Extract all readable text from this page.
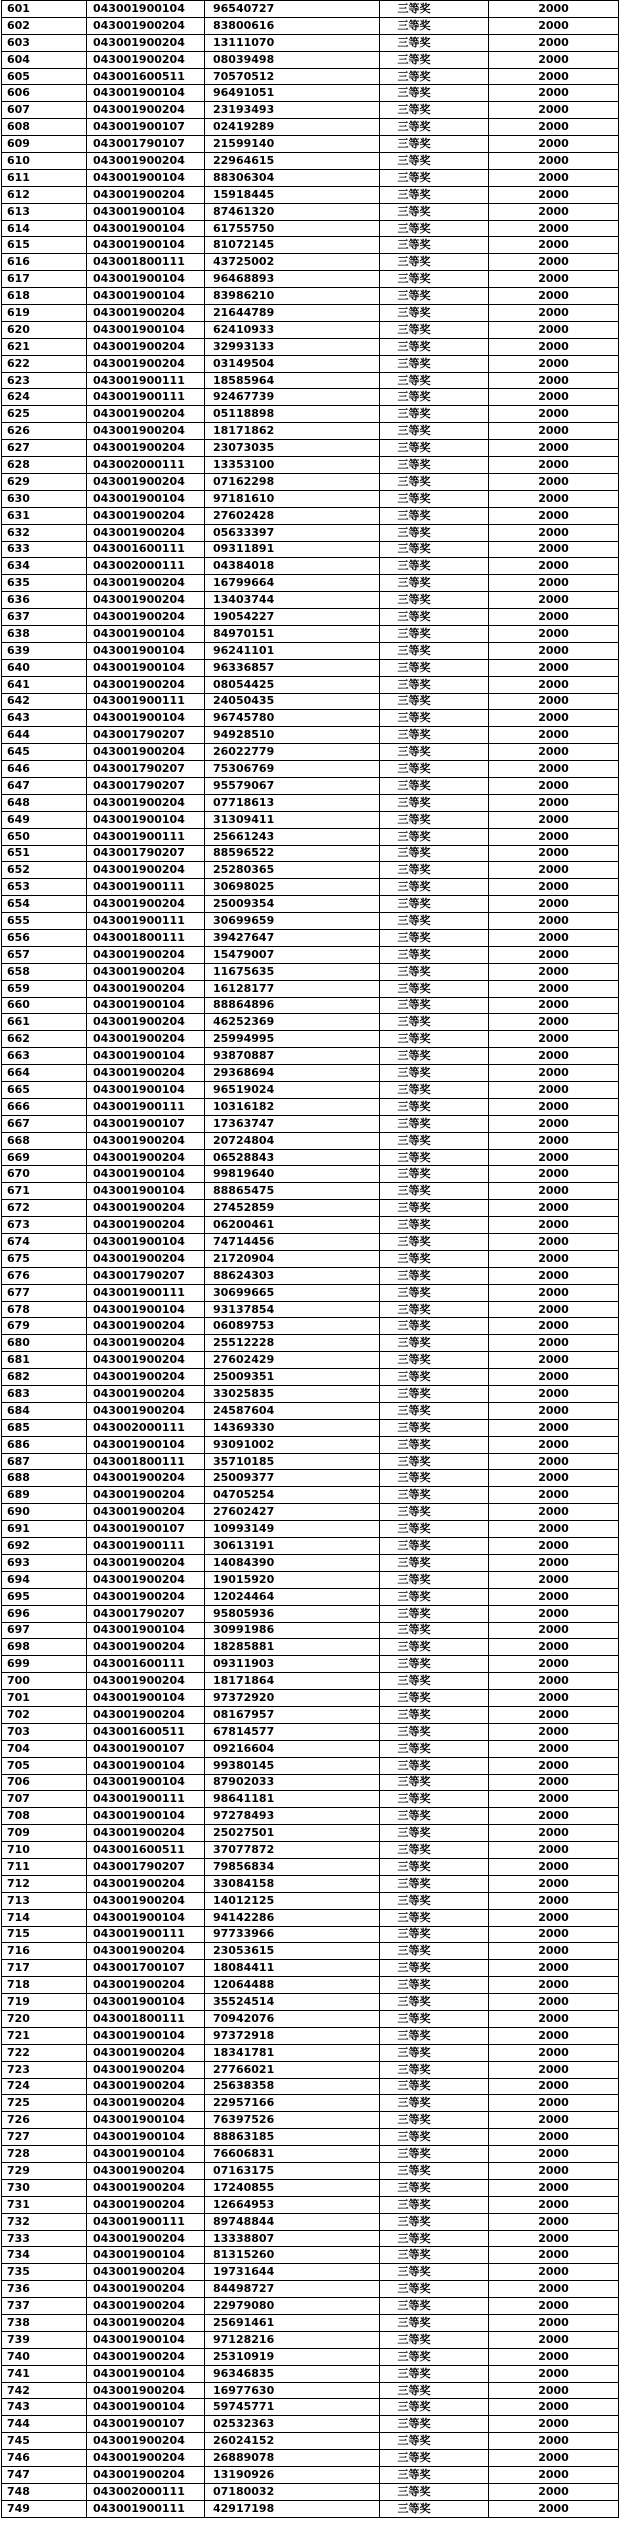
601	043001900104	96540727	三等奖	2000
602	043001900204	83800616	三等奖	2000
603	043001900204	13111070	三等奖	2000
604	043001900204	08039498	三等奖	2000
605	043001600511	70570512	三等奖	2000
606	043001900104	96491051	三等奖	2000
607	043001900204	23193493	三等奖	2000
608	043001900107	02419289	三等奖	2000
609	043001790107	21599140	三等奖	2000
610	043001900204	22964615	三等奖	2000
611	043001900104	88306304	三等奖	2000
612	043001900204	15918445	三等奖	2000
613	043001900104	87461320	三等奖	2000
614	043001900104	61755750	三等奖	2000
615	043001900104	81072145	三等奖	2000
616	043001800111	43725002	三等奖	2000
617	043001900104	96468893	三等奖	2000
618	043001900104	83986210	三等奖	2000
619	043001900204	21644789	三等奖	2000
620	043001900104	62410933	三等奖	2000
621	043001900204	32993133	三等奖	2000
622	043001900204	03149504	三等奖	2000
623	043001900111	18585964	三等奖	2000
624	043001900111	92467739	三等奖	2000
625	043001900204	05118898	三等奖	2000
626	043001900204	18171862	三等奖	2000
627	043001900204	23073035	三等奖	2000
628	043002000111	13353100	三等奖	2000
629	043001900204	07162298	三等奖	2000
630	043001900104	97181610	三等奖	2000
631	043001900204	27602428	三等奖	2000
632	043001900204	05633397	三等奖	2000
633	043001600111	09311891	三等奖	2000
634	043002000111	04384018	三等奖	2000
635	043001900204	16799664	三等奖	2000
636	043001900204	13403744	三等奖	2000
637	043001900204	19054227	三等奖	2000
638	043001900104	84970151	三等奖	2000
639	043001900104	96241101	三等奖	2000
640	043001900104	96336857	三等奖	2000
641	043001900204	08054425	三等奖	2000
642	043001900111	24050435	三等奖	2000
643	043001900104	96745780	三等奖	2000
644	043001790207	94928510	三等奖	2000
645	043001900204	26022779	三等奖	2000
646	043001790207	75306769	三等奖	2000
647	043001790207	95579067	三等奖	2000
648	043001900204	07718613	三等奖	2000
649	043001900104	31309411	三等奖	2000
650	043001900111	25661243	三等奖	2000
651	043001790207	88596522	三等奖	2000
652	043001900204	25280365	三等奖	2000
653	043001900111	30698025	三等奖	2000
654	043001900204	25009354	三等奖	2000
655	043001900111	30699659	三等奖	2000
656	043001800111	39427647	三等奖	2000
657	043001900204	15479007	三等奖	2000
658	043001900204	11675635	三等奖	2000
659	043001900204	16128177	三等奖	2000
660	043001900104	88864896	三等奖	2000
661	043001900204	46252369	三等奖	2000
662	043001900204	25994995	三等奖	2000
663	043001900104	93870887	三等奖	2000
664	043001900204	29368694	三等奖	2000
665	043001900104	96519024	三等奖	2000
666	043001900111	10316182	三等奖	2000
667	043001900107	17363747	三等奖	2000
668	043001900204	20724804	三等奖	2000
669	043001900204	06528843	三等奖	2000
670	043001900104	99819640	三等奖	2000
671	043001900104	88865475	三等奖	2000
672	043001900204	27452859	三等奖	2000
673	043001900204	06200461	三等奖	2000
674	043001900104	74714456	三等奖	2000
675	043001900204	21720904	三等奖	2000
676	043001790207	88624303	三等奖	2000
677	043001900111	30699665	三等奖	2000
678	043001900104	93137854	三等奖	2000
679	043001900204	06089753	三等奖	2000
680	043001900204	25512228	三等奖	2000
681	043001900204	27602429	三等奖	2000
682	043001900204	25009351	三等奖	2000
683	043001900204	33025835	三等奖	2000
684	043001900204	24587604	三等奖	2000
685	043002000111	14369330	三等奖	2000
686	043001900104	93091002	三等奖	2000
687	043001800111	35710185	三等奖	2000
688	043001900204	25009377	三等奖	2000
689	043001900204	04705254	三等奖	2000
690	043001900204	27602427	三等奖	2000
691	043001900107	10993149	三等奖	2000
692	043001900111	30613191	三等奖	2000
693	043001900204	14084390	三等奖	2000
694	043001900204	19015920	三等奖	2000
695	043001900204	12024464	三等奖	2000
696	043001790207	95805936	三等奖	2000
697	043001900104	30991986	三等奖	2000
698	043001900204	18285881	三等奖	2000
699	043001600111	09311903	三等奖	2000
700	043001900204	18171864	三等奖	2000
701	043001900104	97372920	三等奖	2000
702	043001900204	08167957	三等奖	2000
703	043001600511	67814577	三等奖	2000
704	043001900107	09216604	三等奖	2000
705	043001900104	99380145	三等奖	2000
706	043001900104	87902033	三等奖	2000
707	043001900111	98641181	三等奖	2000
708	043001900104	97278493	三等奖	2000
709	043001900204	25027501	三等奖	2000
710	043001600511	37077872	三等奖	2000
711	043001790207	79856834	三等奖	2000
712	043001900204	33084158	三等奖	2000
713	043001900204	14012125	三等奖	2000
714	043001900104	94142286	三等奖	2000
715	043001900111	97733966	三等奖	2000
716	043001900204	23053615	三等奖	2000
717	043001700107	18084411	三等奖	2000
718	043001900204	12064488	三等奖	2000
719	043001900104	35524514	三等奖	2000
720	043001800111	70942076	三等奖	2000
721	043001900104	97372918	三等奖	2000
722	043001900204	18341781	三等奖	2000
723	043001900204	27766021	三等奖	2000
724	043001900204	25638358	三等奖	2000
725	043001900204	22957166	三等奖	2000
726	043001900104	76397526	三等奖	2000
727	043001900104	88863185	三等奖	2000
728	043001900104	76606831	三等奖	2000
729	043001900204	07163175	三等奖	2000
730	043001900204	17240855	三等奖	2000
731	043001900204	12664953	三等奖	2000
732	043001900111	89748844	三等奖	2000
733	043001900204	13338807	三等奖	2000
734	043001900104	81315260	三等奖	2000
735	043001900204	19731644	三等奖	2000
736	043001900204	84498727	三等奖	2000
737	043001900204	22979080	三等奖	2000
738	043001900204	25691461	三等奖	2000
739	043001900104	97128216	三等奖	2000
740	043001900204	25310919	三等奖	2000
741	043001900104	96346835	三等奖	2000
742	043001900204	16977630	三等奖	2000
743	043001900104	59745771	三等奖	2000
744	043001900107	02532363	三等奖	2000
745	043001900204	26024152	三等奖	2000
746	043001900204	26889078	三等奖	2000
747	043001900204	13190926	三等奖	2000
748	043002000111	07180032	三等奖	2000
749	043001900111	42917198	三等奖	2000
